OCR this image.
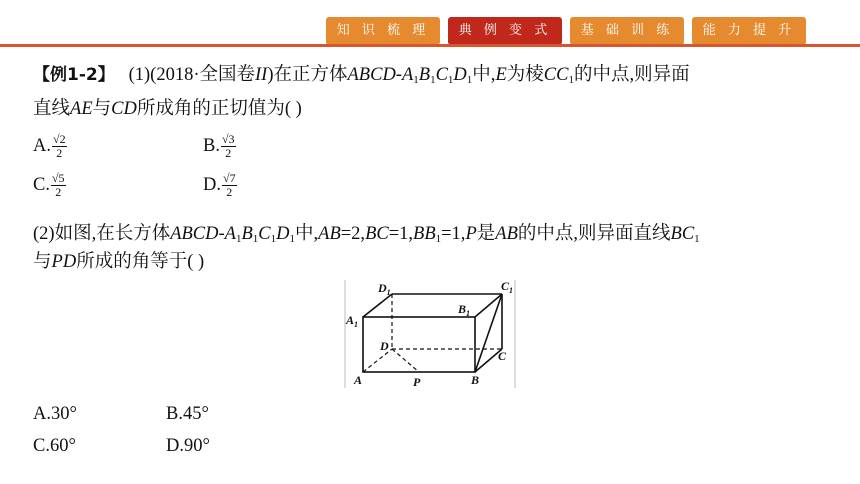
知 识 梳 理	典 例 变 式	基 础 训 练	能 力 提 升
【例1-2】 (1)(2018·全国卷II)在正方体ABCD-$A_1B_1C_1D_1$中,E为棱$CC_1$的中点,则异面
直线AE与CD所成角的正切值为( )
A. $\frac{√2}{2}$	B. $\frac{√3}{2}$
C. $\frac{√5}{2}$	D. $\frac{√7}{2}$
(2)如图,在长方体ABCD-$A_1B_1C_1D_1$中$,AB=2,BC=1,BB_1=1,P$是AB的中点,则异面直线$BC_1$
与PD所成的角等于( )
$D_1$	$C_1$
$A_1$
$B_1$
D
C
A	P	B
A.30°	B.45°
C.60°	D.90°
